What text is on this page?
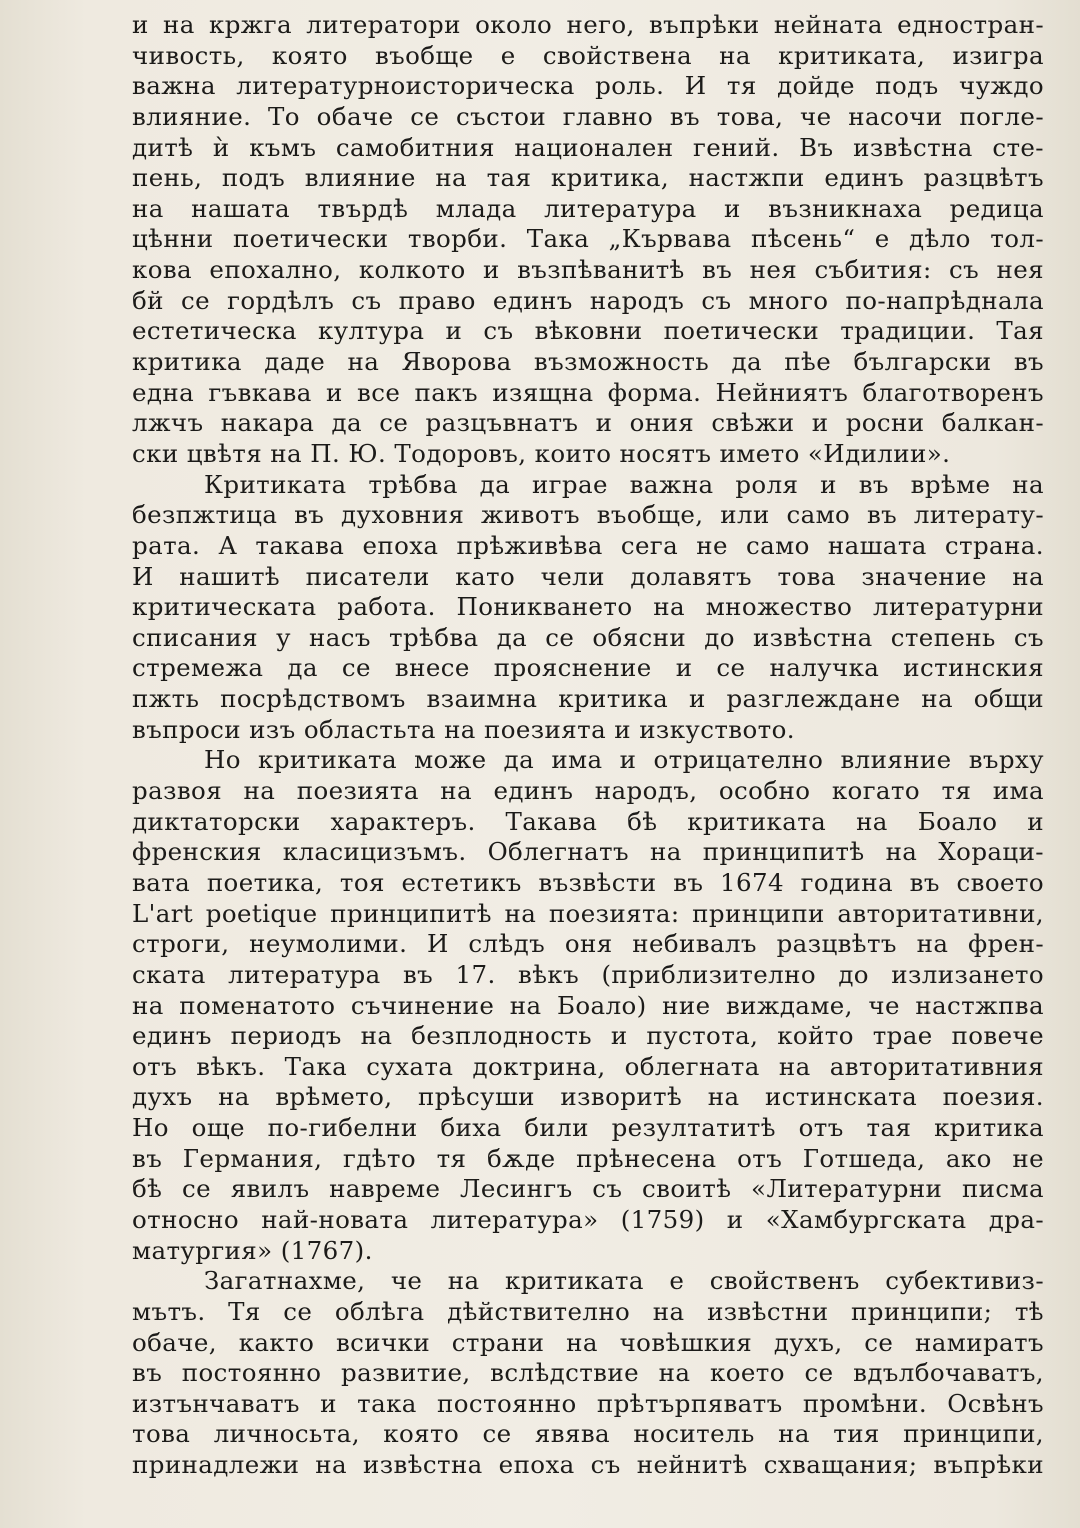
и на кржга литератори около него, въпрѣки нейната едностран-
чивость, която въобще е свойствена на критиката, изигра
важна литературноисторическа роль. И тя дойде подъ чуждо
влияние. То обаче се състои главно въ това, че насочи погле-
дитѣ ѝ къмъ самобитния национален гений. Въ извѣстна сте-
пень, подъ влияние на тая критика, настжпи единъ разцвѣтъ
на нашата твърдѣ млада литература и възникнаха редица
цѣнни поетически творби. Така „Кървава пѣсень“ е дѣло тол-
кова епохално, колкото и възпѣванитѣ въ нея събития: съ нея
бй се гордѣлъ съ право единъ народъ съ много по-напрѣднала
естетическа култура и съ вѣковни поетически традиции. Тая
критика даде на Яворова възможность да пѣе български въ
една гъвкава и все пакъ изящна форма. Нейниятъ благотворенъ
лжчъ накара да се разцъвнатъ и ония свѣжи и росни балкан-
ски цвѣтя на П. Ю. Тодоровъ, които носятъ името «Идилии».
Критиката трѣбва да играе важна роля и въ врѣме на
безпжтица въ духовния животъ въобще, или само въ литерату-
рата. А такава епоха прѣживѣва сега не само нашата страна.
И нашитѣ писатели като чели долавятъ това значение на
критическата работа. Поникването на множество литературни
списания у насъ трѣбва да се обясни до извѣстна степень съ
стремежа да се внесе прояснение и се налучка истинския
пжть посрѣдствомъ взаимна критика и разглеждане на общи
въпроси изъ областьта на поезията и изкуството.
Но критиката може да има и отрицателно влияние върху
развоя на поезията на единъ народъ, особно когато тя има
диктаторски характеръ. Такава бѣ критиката на Боало и
френския класицизъмъ. Облегнатъ на принципитѣ на Хораци-
вата поетика, тоя естетикъ възвѣсти въ 1674 година въ своето
L'art poetique принципитѣ на поезията: принципи авторитативни,
строги, неумолими. И слѣдъ оня небивалъ разцвѣтъ на френ-
ската литература въ 17. вѣкъ (приблизително до излизането
на поменатото съчинение на Боало) ние виждаме, че настжпва
единъ периодъ на безплодность и пустота, който трае повече
отъ вѣкъ. Така сухата доктрина, облегната на авторитативния
духъ на врѣмето, прѣсуши изворитѣ на истинската поезия.
Но още по-гибелни биха били резултатитѣ отъ тая критика
въ Германия, гдѣто тя бѫде прѣнесена отъ Готшеда, ако не
бѣ се явилъ навреме Лесингъ съ своитѣ «Литературни писма
относно най-новата литература» (1759) и «Хамбургската дра-
матургия» (1767).
Загатнахме, че на критиката е свойственъ субективиз-
мътъ. Тя се облѣга дѣйствително на извѣстни принципи; тѣ
обаче, както всички страни на човѣшкия духъ, се намиратъ
въ постоянно развитие, вслѣдствие на което се вдълбочаватъ,
изтънчаватъ и така постоянно прѣтърпяватъ промѣни. Освѣнъ
това личносьта, която се явява носитель на тия принципи,
принадлежи на извѣстна епоха съ нейнитѣ схващания; въпрѣки
